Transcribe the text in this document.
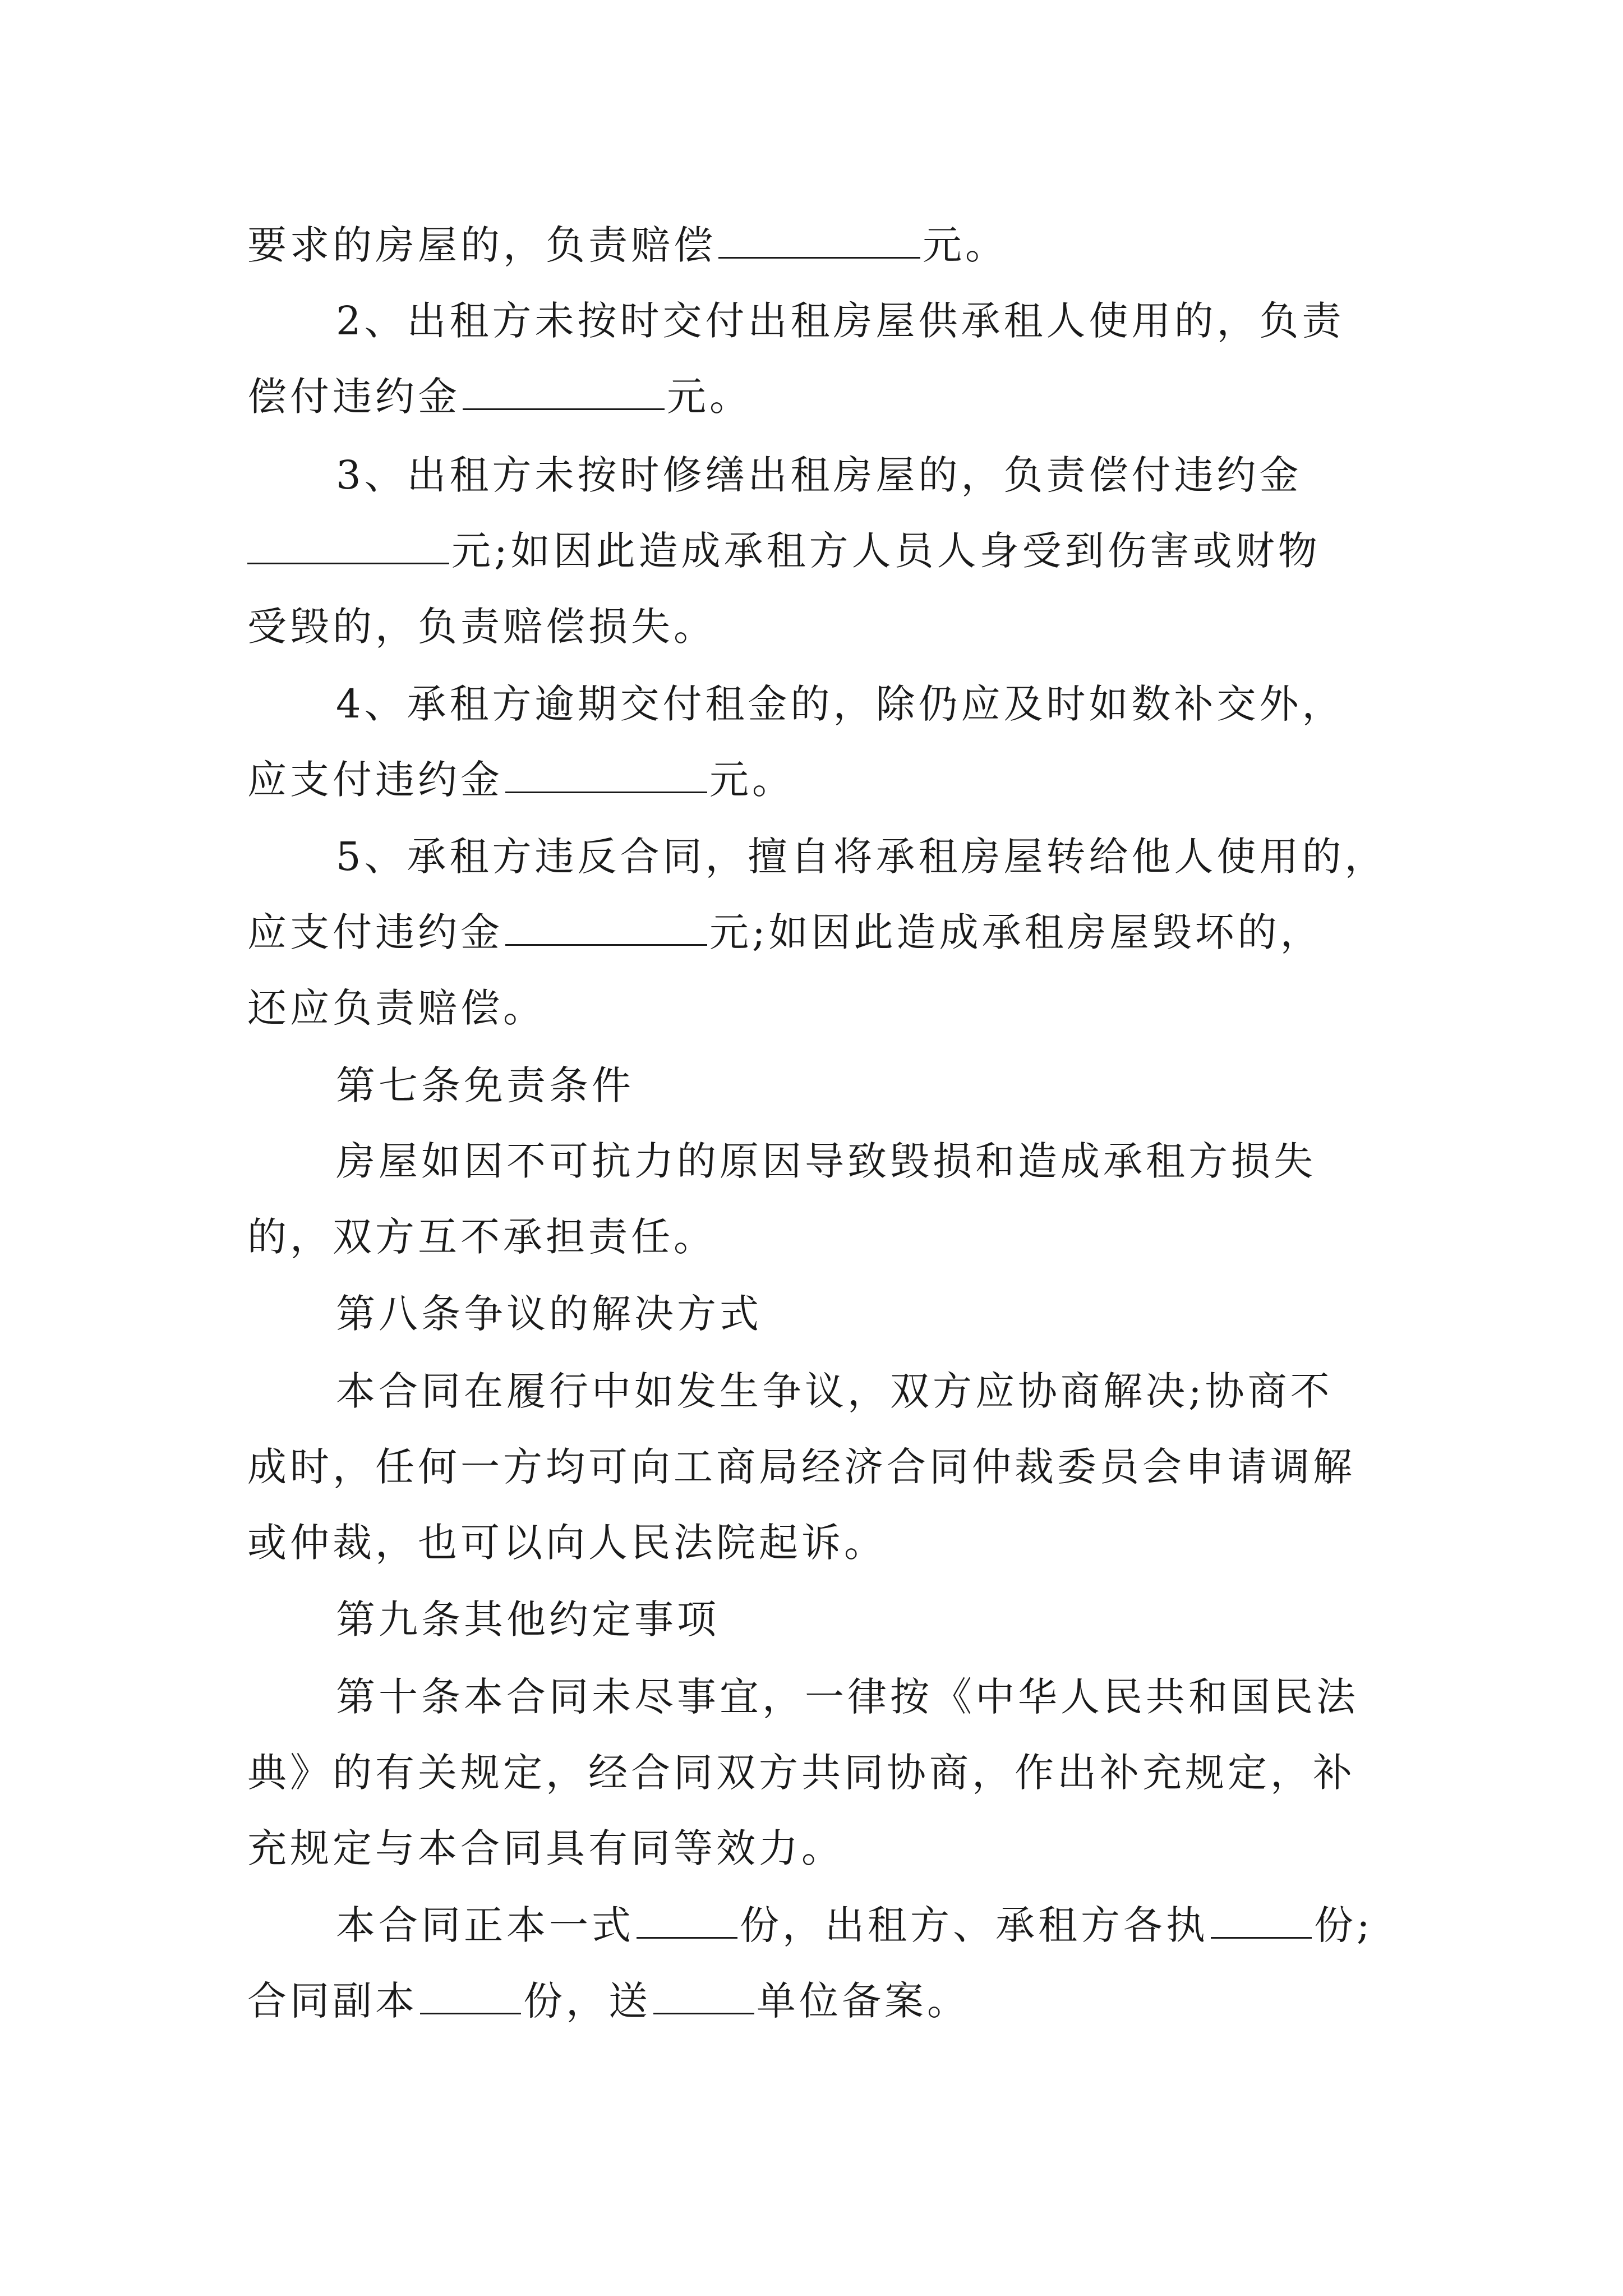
要求的房屋的，负责赔偿	元。
2、出租方未按时交付出租房屋供承租人使用的，负责
偿付违约金	元。
3、出租方未按时修缮出租房屋的，负责偿付违约金
元;如因此造成承租方人员人身受到伤害或财物
受毁的，负责赔偿损失。
4、承租方逾期交付租金的，除仍应及时如数补交外，
应支付违约金	元。
5、承租方违反合同，擅自将承租房屋转给他人使用的，
应支付违约金	元;如因此造成承租房屋毁坏的，
还应负责赔偿。
第七条免责条件
房屋如因不可抗力的原因导致毁损和造成承租方损失
的，双方互不承担责任。
第八条争议的解决方式
本合同在履行中如发生争议，双方应协商解决;协商不
成时，任何一方均可向工商局经济合同仲裁委员会申请调解
或仲裁，也可以向人民法院起诉。
第九条其他约定事项
第十条本合同未尽事宜，一律按《中华人民共和国民法
典》的有关规定，经合同双方共同协商，作出补充规定，补
充规定与本合同具有同等效力。
本合同正本一式	份，出租方、承租方各执	份;
合同副本	份，送	单位备案。
